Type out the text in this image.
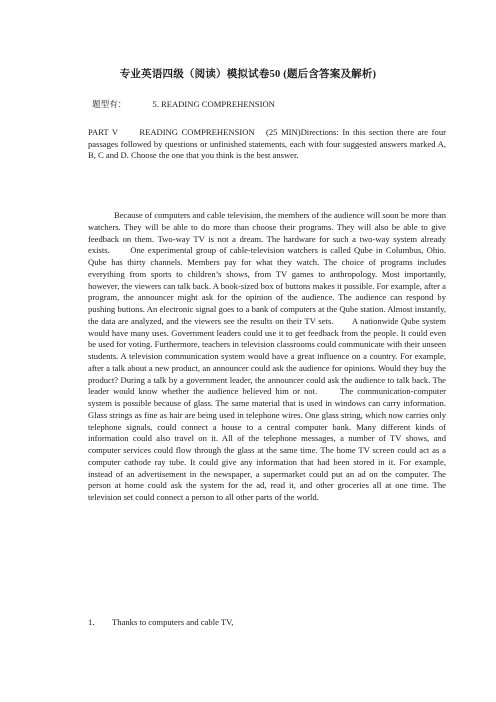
专业英语四级（阅读）模拟试卷50 (题后含答案及解析)
题型有：	5. READING COMPREHENSION
PART V　　READING COMPREHENSION　(25 MIN)Directions: In this section there are four passages followed by questions or unfinished statements, each with four suggested answers marked A, B, C and D. Choose the one that you think is the best answer.
Because of computers and cable television, the members of the audience will soon be more than watchers. They will be able to do more than choose their programs. They will also be able to give feedback on them. Two-way TV is not a dream. The hardware for such a two-way system already exists.　　One experimental group of cable-television watchers is called Qube in Columbus, Ohio. Qube has thirty channels. Members pay for what they watch. The choice of programs includes everything from sports to children’s shows, from TV games to anthropology. Most importantly, however, the viewers can talk back. A book-sized box of buttons makes it possible. For example, after a program, the announcer might ask for the opinion of the audience. The audience can respond by pushing buttons. An electronic signal goes to a bank of computers at the Qube station. Almost instantly, the data are analyzed, and the viewers see the results on their TV sets.　　A nationwide Qube system would have many uses. Government leaders could use it to get feedback from the people. It could even be used for voting. Furthermore, teachers in television classrooms could communicate with their unseen students. A television communication system would have a great influence on a country. For example, after a talk about a new product, an announcer could ask the audience for opinions. Would they buy the product? During a talk by a government leader, the announcer could ask the audience to talk back. The leader would know whether the audience believed him or not.　　The communication-computer system is possible because of glass. The same material that is used in windows can carry information. Glass strings as fine as hair are being used in telephone wires. One glass string, which now carries only telephone signals, could connect a house to a central computer bank. Many different kinds of information could also travel on it. All of the telephone messages, a number of TV shows, and computer services could flow through the glass at the same time. The home TV screen could act as a computer cathode ray tube. It could give any information that had been stored in it. For example, instead of an advertisement in the newspaper, a supermarket could put an ad on the computer. The person at home could ask the system for the ad, read it, and other groceries all at one time. The television set could connect a person to all other parts of the world.
1． Thanks to computers and cable TV,
